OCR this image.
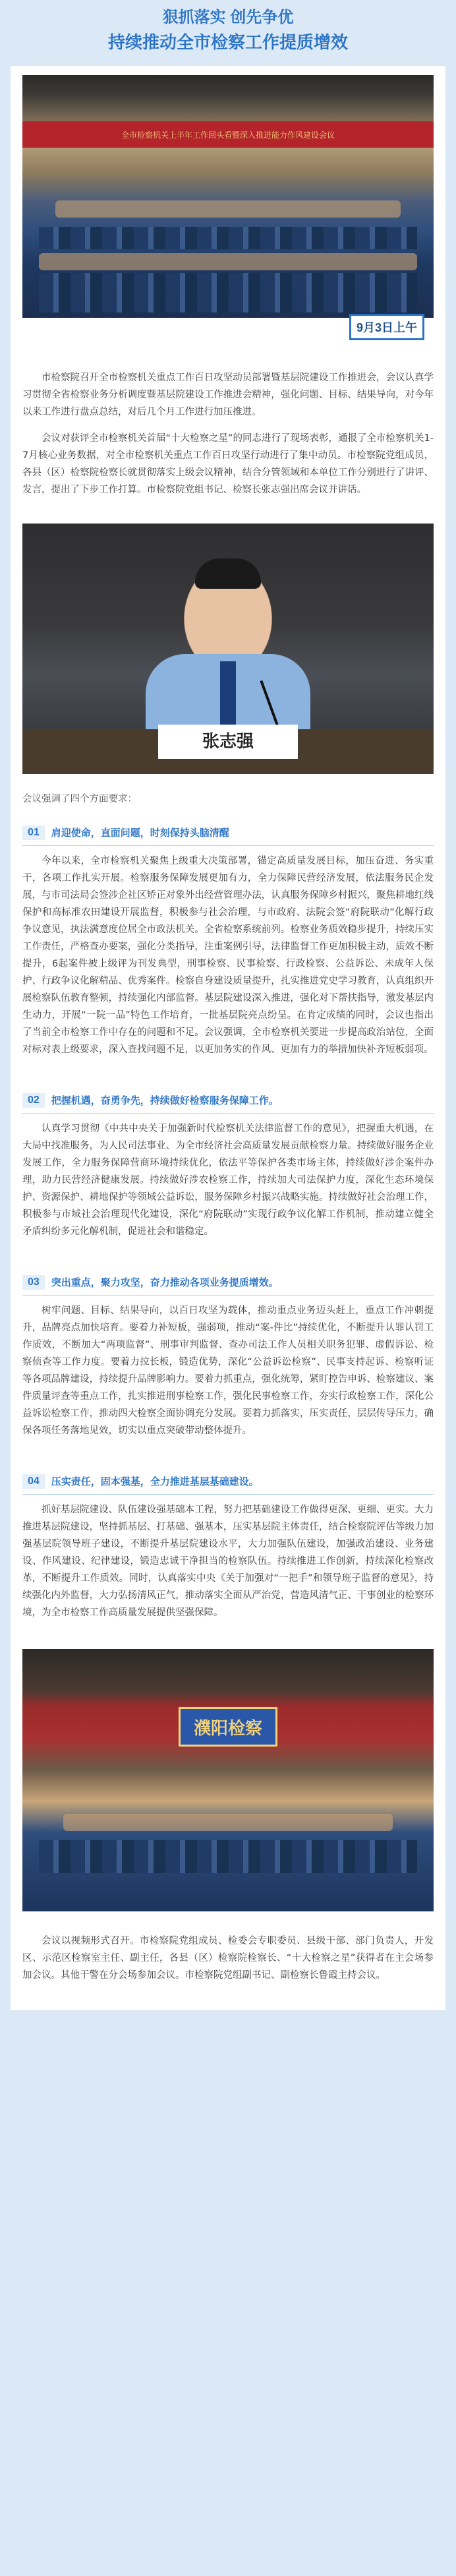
狠抓落实 创先争优
持续推动全市检察工作提质增效
全市检察机关上半年工作回头看暨深入推进能力作风建设会议
9月3日上午

市检察院召开全市检察机关重点工作百日攻坚动员部署暨基层院建设工作推进会，会议认真学习贯彻全省检察业务分析调度暨基层院建设工作推进会精神，强化问题、目标、结果导向，对今年以来工作进行盘点总结，对后几个月工作进行加压推进。

会议对获评全市检察机关首届“十大检察之星”的同志进行了现场表彰，通报了全市检察机关1-7月核心业务数据，对全市检察机关重点工作百日攻坚行动进行了集中动员。市检察院党组成员，各县（区）检察院检察长就贯彻落实上级会议精神，结合分管领域和本单位工作分别进行了讲评、发言，提出了下步工作打算。市检察院党组书记、检察长张志强出席会议并讲话。

张志强
会议强调了四个方面要求：
01	肩迎使命，直面问题，时刻保持头脑清醒

今年以来，全市检察机关聚焦上级重大决策部署，锚定高质量发展目标，加压奋进、务实重干，各项工作扎实开展。检察服务保障发展更加有力，全力保障民营经济发展，依法服务民企发展，与市司法局会签涉企社区矫正对象外出经营管理办法，认真服务保障乡村振兴，聚焦耕地红线保护和高标准农田建设开展监督，积极参与社会治理，与市政府、法院会签“府院联动”化解行政争议意见，执法满意度位居全市政法机关。全省检察系统前列。检察业务质效稳步提升，持续压实工作责任，严格查办要案，强化分类指导，注重案例引导，法律监督工作更加积极主动，质效不断提升，6起案件被上级评为刊发典型，刑事检察、民事检察、行政检察、公益诉讼、未成年人保护、行政争议化解精品、优秀案件。检察自身建设质量提升，扎实推进党史学习教育，认真组织开展检察队伍教育整顿，持续强化内部监督。基层院建设深入推进，强化对下帮扶指导，激发基层内生动力，开展“一院一品”特色工作培育，一批基层院亮点纷呈。在肯定成绩的同时，会议也指出了当前全市检察工作中存在的问题和不足。会议强调，全市检察机关要进一步提高政治站位，全面对标对表上级要求，深入查找问题不足，以更加务实的作风、更加有力的举措加快补齐短板弱项。

02	把握机遇，奋勇争先，持续做好检察服务保障工作。

认真学习贯彻《中共中央关于加强新时代检察机关法律监督工作的意见》，把握重大机遇，在大局中找准服务，为人民司法事业、为全市经济社会高质量发展贡献检察力量。持续做好服务企业发展工作，全力服务保障营商环境持续优化，依法平等保护各类市场主体，持续做好涉企案件办理，助力民营经济健康发展。持续做好涉农检察工作，持续加大司法保护力度，深化生态环境保护、资源保护、耕地保护等领域公益诉讼，服务保障乡村振兴战略实施。持续做好社会治理工作，积极参与市域社会治理现代化建设，深化“府院联动”实现行政争议化解工作机制，推动建立健全矛盾纠纷多元化解机制，促进社会和谐稳定。

03	突出重点，聚力攻坚，奋力推动各项业务提质增效。

树牢问题、目标、结果导向，以百日攻坚为载体，推动重点业务迈头赶上，重点工作冲刺提升，品牌亮点加快培育。要着力补短板，强弱项，推动“案-件比”持续优化，不断提升认罪认罚工作质效，不断加大“两项监督”、刑事审判监督、查办司法工作人员相关职务犯罪、虚假诉讼、检察侦查等工作力度。要着力拉长板，锻造优势，深化“公益诉讼检察”、民事支持起诉、检察听证等各项品牌建设，持续提升品牌影响力。要着力抓重点，强化统筹，紧盯控告申诉、检察建议、案件质量评查等重点工作，扎实推进刑事检察工作，强化民事检察工作，夯实行政检察工作，深化公益诉讼检察工作，推动四大检察全面协调充分发展。要着力抓落实，压实责任，层层传导压力，确保各项任务落地见效，切实以重点突破带动整体提升。

04	压实责任，固本强基，全力推进基层基础建设。

抓好基层院建设、队伍建设强基础本工程，努力把基础建设工作做得更深、更细、更实。大力推进基层院建设，坚持抓基层、打基础、强基本，压实基层院主体责任，结合检察院评估等级力加强基层院领导班子建设，不断提升基层院建设水平，大力加强队伍建设，加强政治建设、业务建设、作风建设、纪律建设，锻造忠诚干净担当的检察队伍。持续推进工作创新，持续深化检察改革，不断提升工作质效。同时，认真落实中央《关于加强对“一把手”和领导班子监督的意见》，持续强化内外监督，大力弘扬清风正气，推动落实全面从严治党，营造风清气正、干事创业的检察环境，为全市检察工作高质量发展提供坚强保障。

濮阳检察

会议以视频形式召开。市检察院党组成员、检委会专职委员、县级干部、部门负责人，开发区、示范区检察室主任、副主任，各县（区）检察院检察长、“十大检察之星”获得者在主会场参加会议。其他干警在分会场参加会议。市检察院党组副书记、副检察长鲁霞主持会议。
